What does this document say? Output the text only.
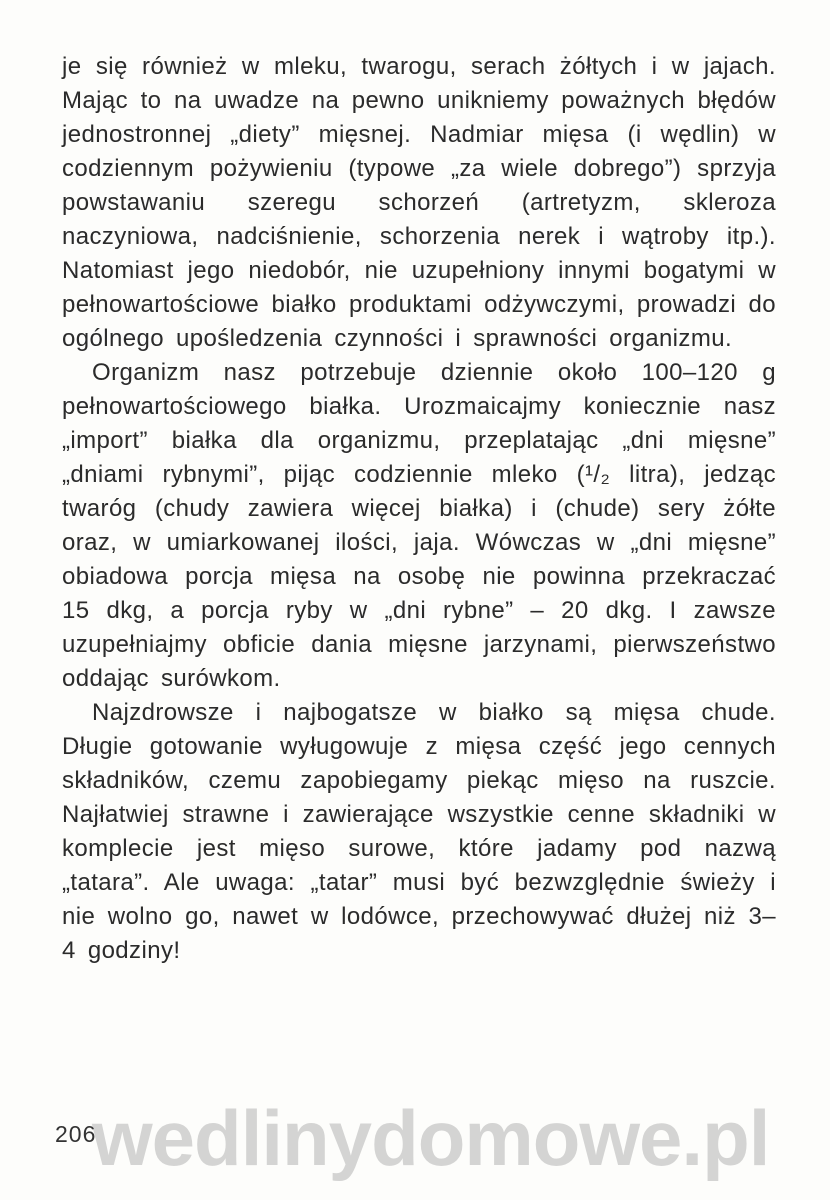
je się również w mleku, twarogu, serach żółtych i w jajach. Mając to na uwadze na pewno unikniemy poważnych błędów jednostronnej „diety” mięsnej. Nadmiar mięsa (i wędlin) w codziennym pożywieniu (typowe „za wiele dobrego”) sprzyja powstawaniu szeregu schorzeń (artretyzm, skleroza naczyniowa, nadciśnienie, schorzenia nerek i wątroby itp.). Natomiast jego niedobór, nie uzupełniony innymi bogatymi w pełnowartościowe białko produktami odżywczymi, prowadzi do ogólnego upośledzenia czynności i sprawności organizmu.

Organizm nasz potrzebuje dziennie około 100–120 g pełnowartościowego białka. Urozmaicajmy koniecznie nasz „import” białka dla organizmu, przeplatając „dni mięsne” „dniami rybnymi”, pijąc codziennie mleko (¹/₂ litra), jedząc twaróg (chudy zawiera więcej białka) i (chude) sery żółte oraz, w umiarkowanej ilości, jaja. Wówczas w „dni mięsne” obiadowa porcja mięsa na osobę nie powinna przekraczać 15 dkg, a porcja ryby w „dni rybne” – 20 dkg. I zawsze uzupełniajmy obficie dania mięsne jarzynami, pierwszeństwo oddając surówkom.

Najzdrowsze i najbogatsze w białko są mięsa chude. Długie gotowanie wyługowuje z mięsa część jego cennych składników, czemu zapobiegamy piekąc mięso na ruszcie. Najłatwiej strawne i zawierające wszystkie cenne składniki w komplecie jest mięso surowe, które jadamy pod nazwą „tatara”. Ale uwaga: „tatar” musi być bezwzględnie świeży i nie wolno go, nawet w lodówce, przechowywać dłużej niż 3–4 godziny!

wedlinydomowe.pl
206
